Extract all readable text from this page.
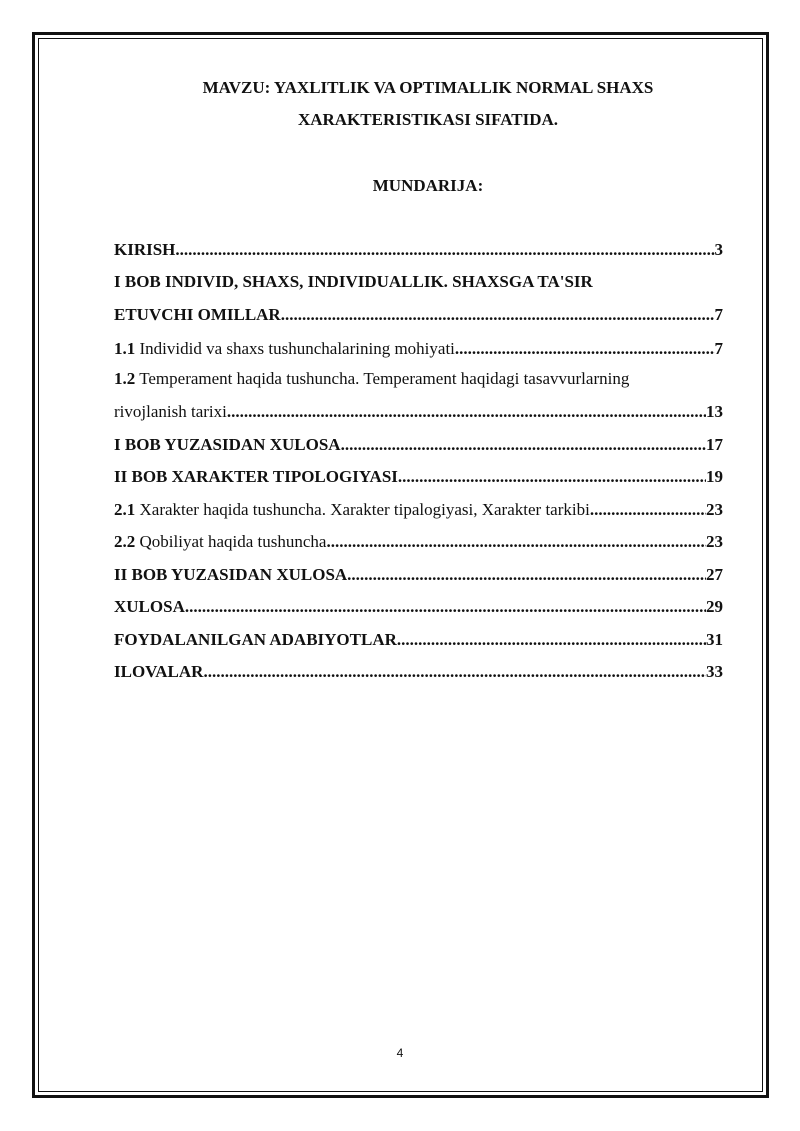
MAVZU: YAXLITLIK VA OPTIMALLIK NORMAL SHAXS
XARAKTERISTIKASI SIFATIDA.
MUNDARIJA:
KIRISH .....	3
I BOB INDIVID, SHAXS, INDIVIDUALLIK. SHAXSGA TA'SIR
ETUVCHI OMILLAR .....	7
1.1 Individid va shaxs tushunchalarining mohiyati .....	7
1.2 Temperament haqida tushuncha. Temperament haqidagi tasavvurlarning
rivojlanish tarixi .....	13
I BOB YUZASIDAN XULOSA .....	17
II BOB XARAKTER TIPOLOGIYASI .....	19
2.1 Xarakter haqida tushuncha. Xarakter tipalogiyasi, Xarakter tarkibi .....	23
2.2 Qobiliyat haqida tushuncha .....	23
II BOB YUZASIDAN XULOSA .....	27
XULOSA .....	29
FOYDALANILGAN ADABIYOTLAR .....	31
ILOVALAR .....	33
4
